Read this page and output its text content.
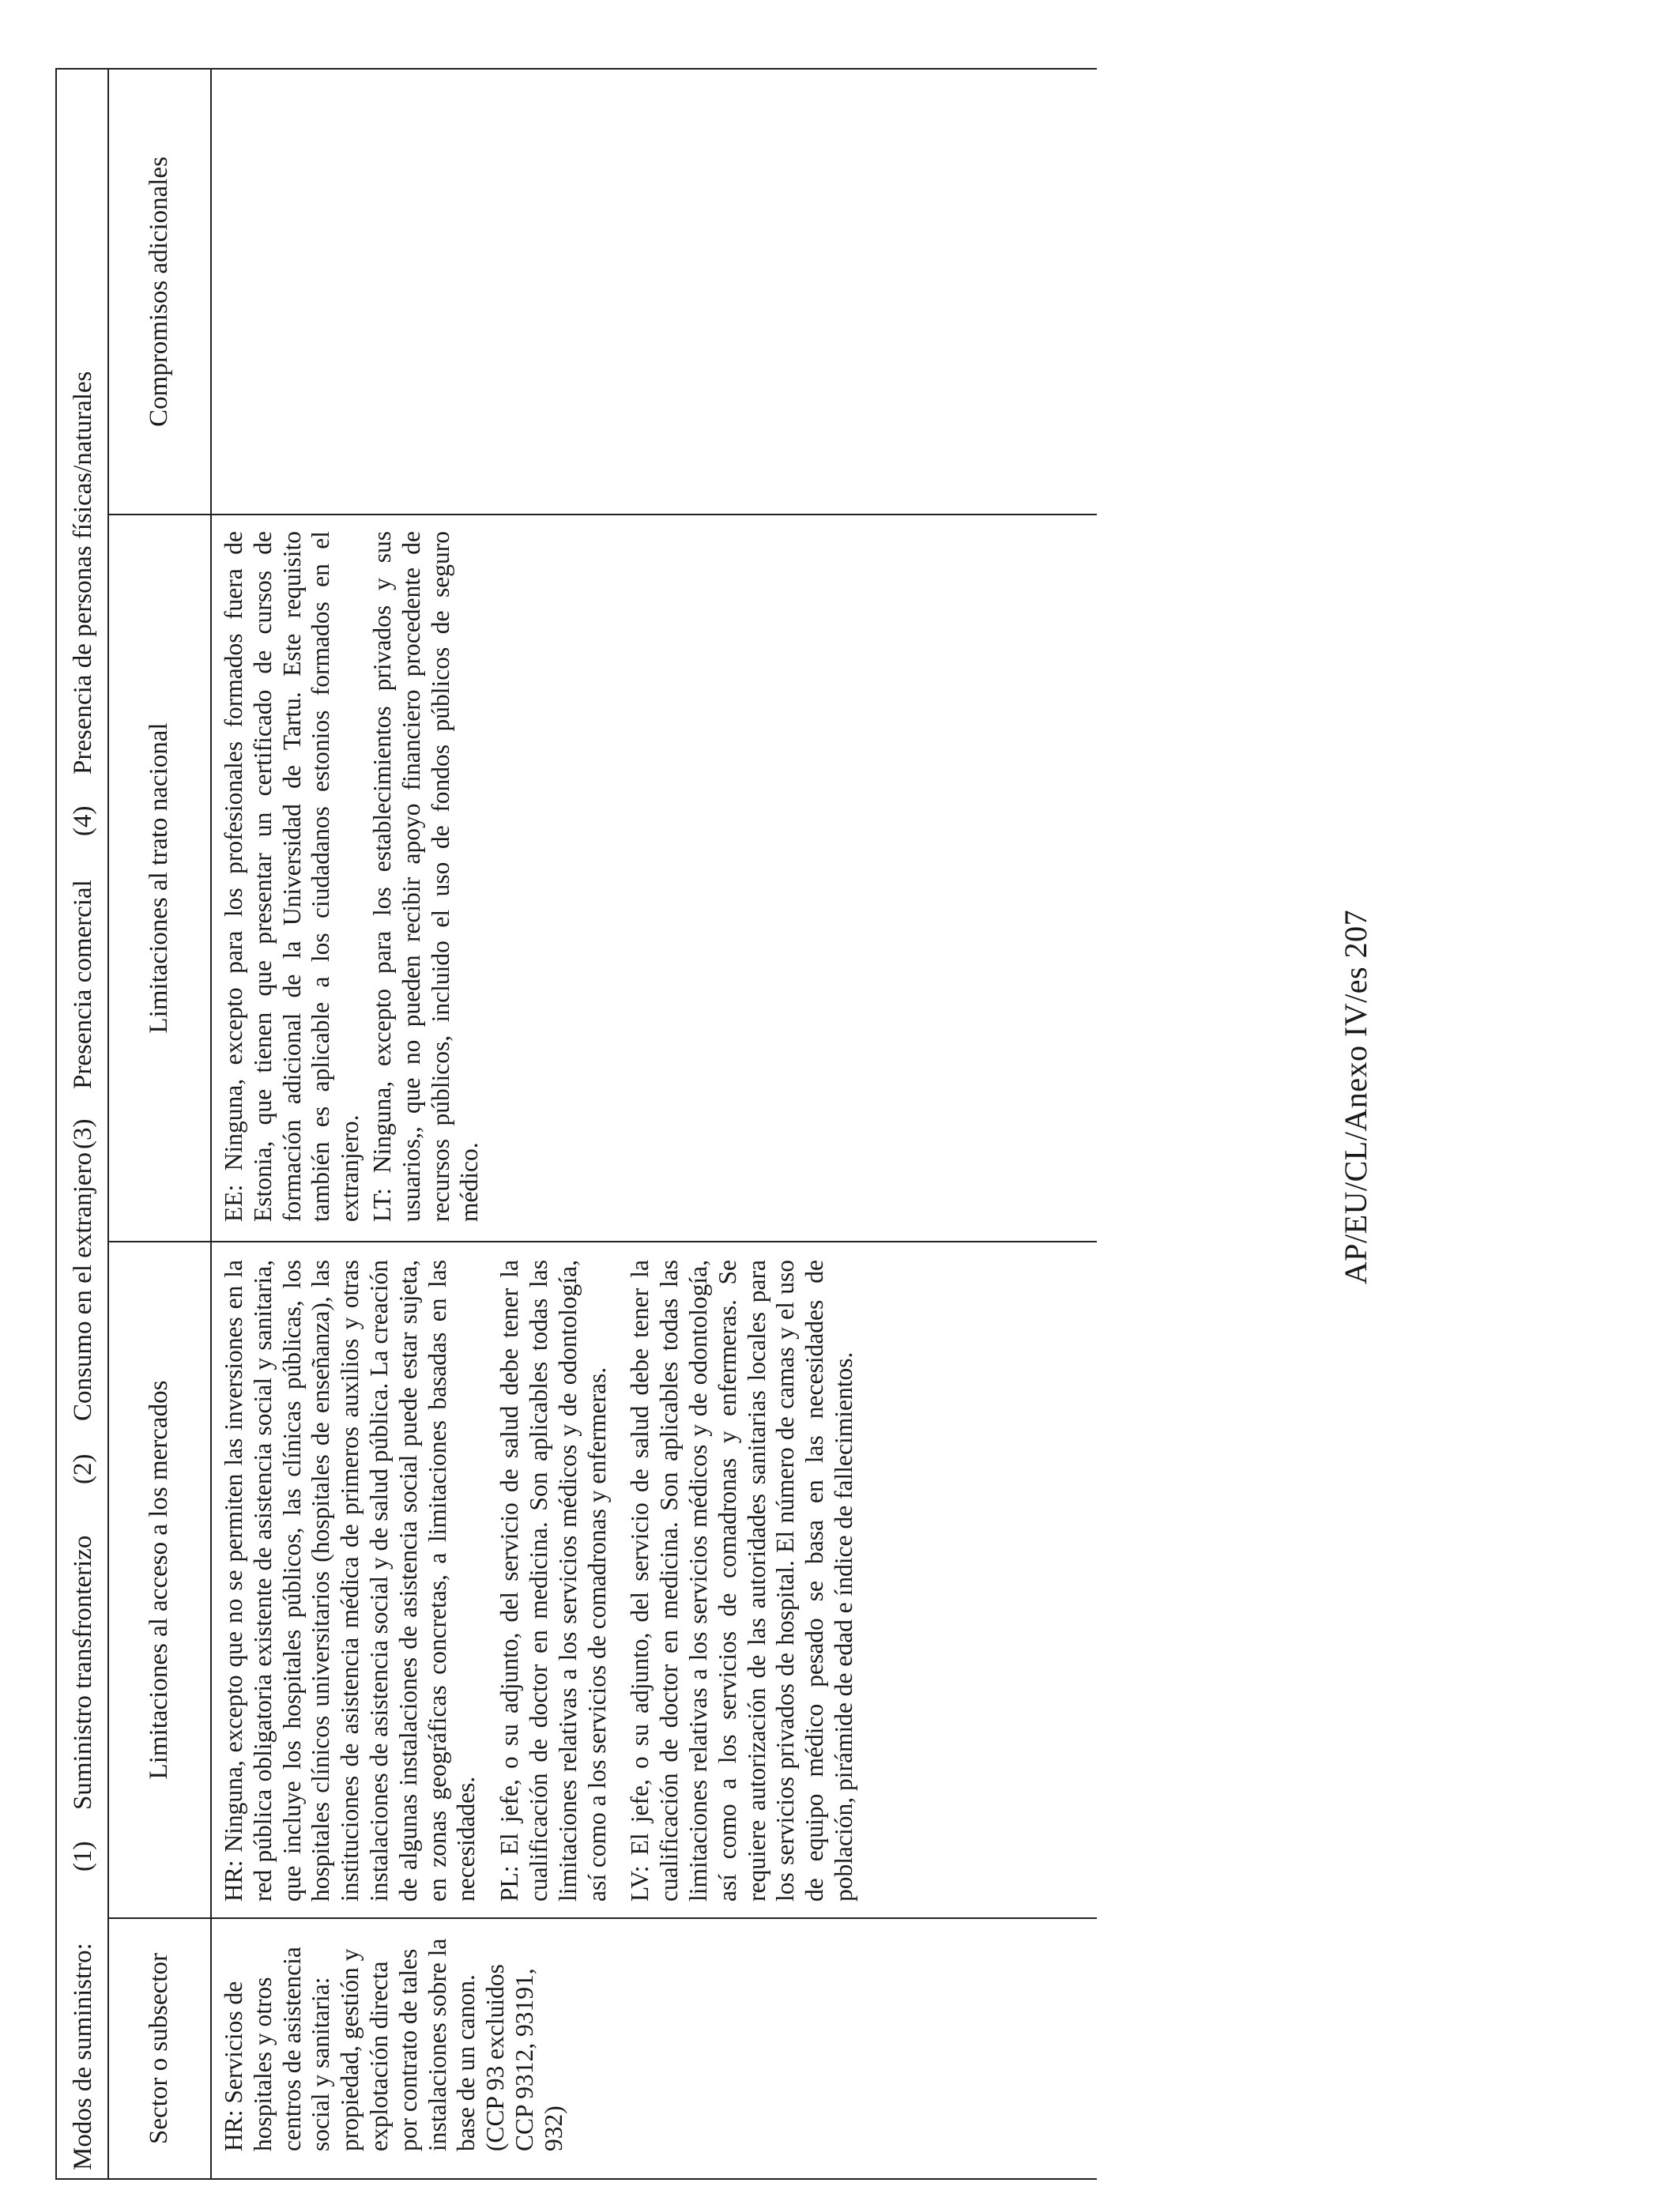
Modos de suministro:
(1)
Suministro transfronterizo
(2)
Consumo en el extranjero
(3)
Presencia comercial
(4)
Presencia de personas físicas/naturales
Sector o subsector
Limitaciones al acceso a los mercados
Limitaciones al trato nacional
Compromisos adicionales

HR: Servicios de hospitales y otros centros de asistencia social y sanitaria: propiedad, gestión y explotación directa por contrato de tales instalaciones sobre la base de un canon. (CCP 93 excluidos CCP 9312, 93191, 932)

HR: Ninguna, excepto que no se permiten las inversiones en la red pública obligatoria existente de asistencia social y sanitaria, que incluye los hospitales públicos, las clínicas públicas, los hospitales clínicos universitarios (hospitales de enseñanza), las instituciones de asistencia médica de primeros auxilios y otras instalaciones de asistencia social y de salud pública. La creación de algunas instalaciones de asistencia social puede estar sujeta, en zonas geográficas concretas, a limitaciones basadas en las necesidades. PL: El jefe, o su adjunto, del servicio de salud debe tener la cualificación de doctor en medicina. Son aplicables todas las limitaciones relativas a los servicios médicos y de odontología, así como a los servicios de comadronas y enfermeras. LV: El jefe, o su adjunto, del servicio de salud debe tener la cualificación de doctor en medicina. Son aplicables todas las limitaciones relativas a los servicios médicos y de odontología, así como a los servicios de comadronas y enfermeras. Se requiere autorización de las autoridades sanitarias locales para los servicios privados de hospital. El número de camas y el uso de equipo médico pesado se basa en las necesidades de población, pirámide de edad e índice de fallecimientos.

EE: Ninguna, excepto para los profesionales formados fuera de Estonia, que tienen que presentar un certificado de cursos de formación adicional de la Universidad de Tartu. Este requisito también es aplicable a los ciudadanos estonios formados en el extranjero. LT: Ninguna, excepto para los establecimientos privados y sus usuarios,, que no pueden recibir apoyo financiero procedente de recursos públicos, incluido el uso de fondos públicos de seguro médico.	AP/EU/CL/Anexo IV/es 207
